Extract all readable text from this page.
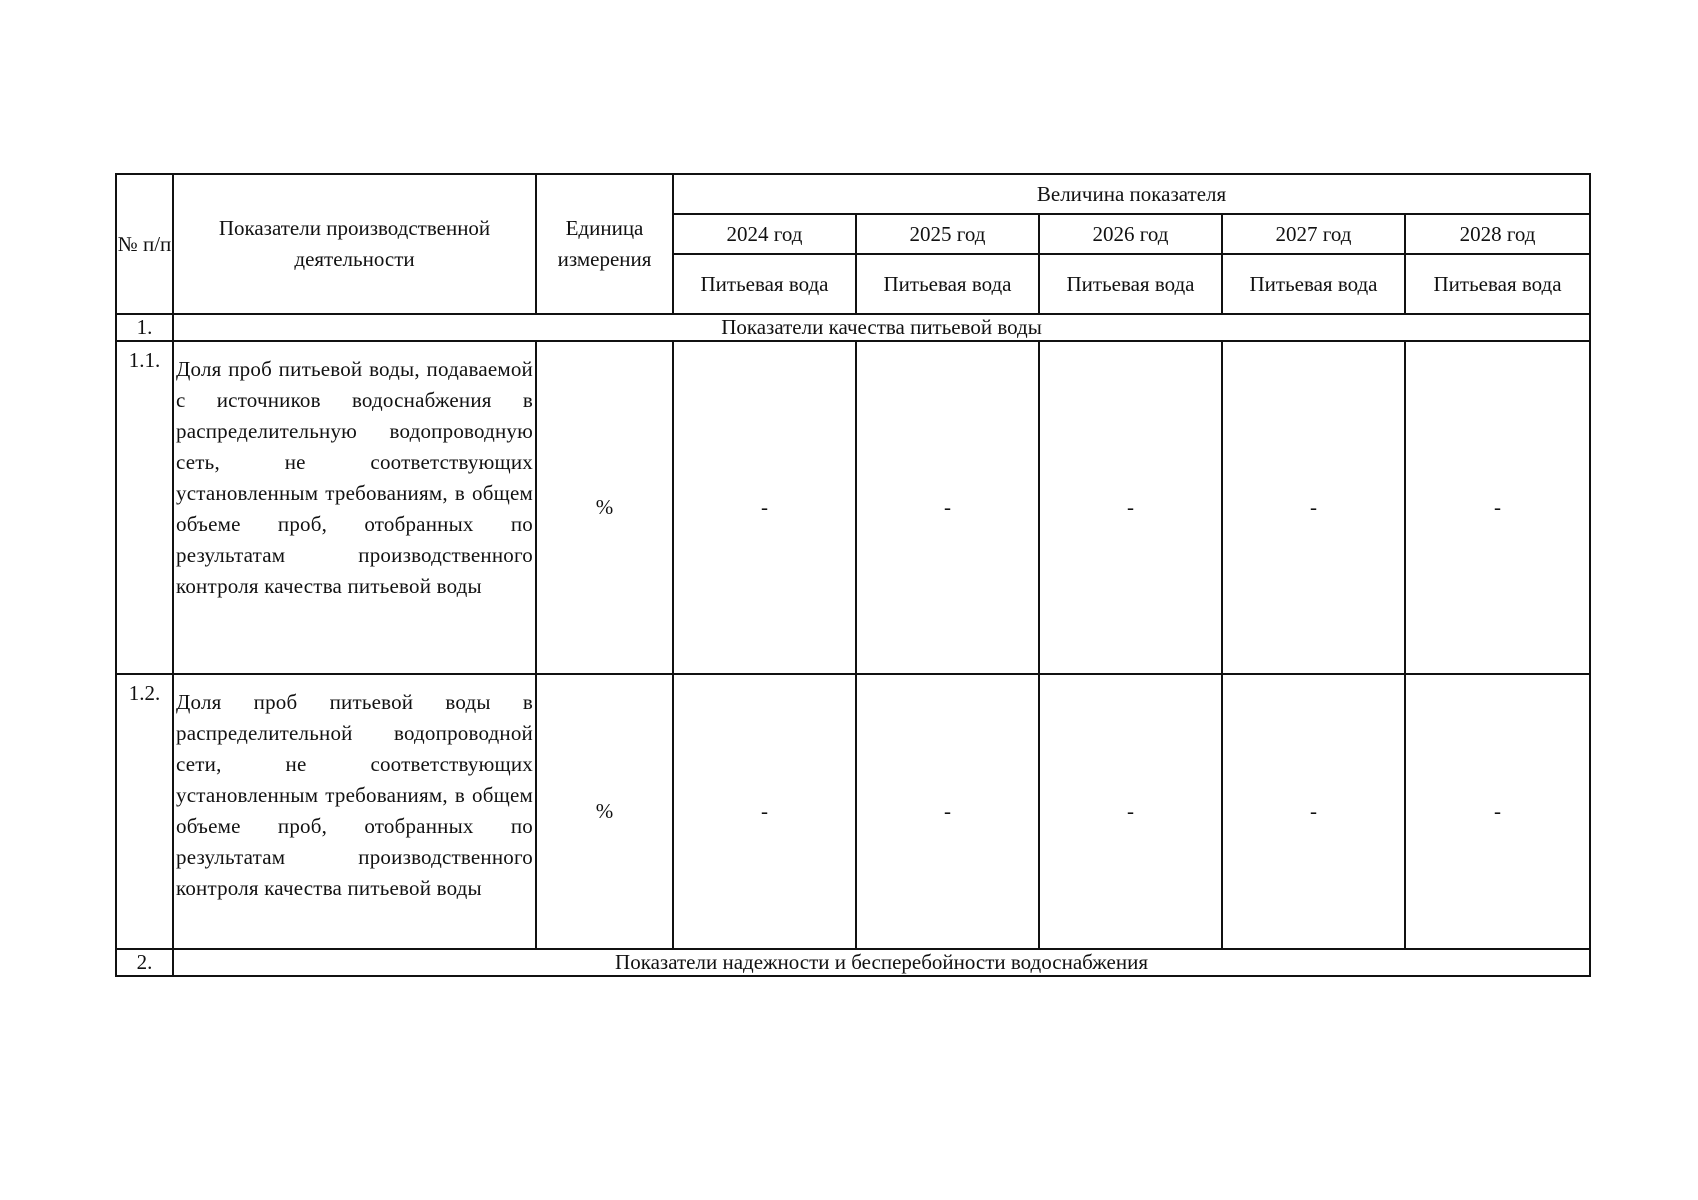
№ п/п	Показатели производственной деятельности	Единица измерения	Величина показателя				
			2024 год	2025 год	2026 год	2027 год	2028 год
			Питьевая вода	Питьевая вода	Питьевая вода	Питьевая вода	Питьевая вода
1.	Показатели качества питьевой воды						
1.1.	Доля проб питьевой воды, подаваемой с источников водоснабжения в распределительную водопроводную сеть, не соответствующих установленным требованиям, в общем объеме проб, отобранных по результатам производственного контроля качества питьевой воды	%	-	-	-	-	-
1.2.	Доля проб питьевой воды в распределительной водопроводной сети, не соответствующих установленным требованиям, в общем объеме проб, отобранных по результатам производственного контроля качества питьевой воды	%	-	-	-	-	-
2.	Показатели надежности и бесперебойности водоснабжения						
